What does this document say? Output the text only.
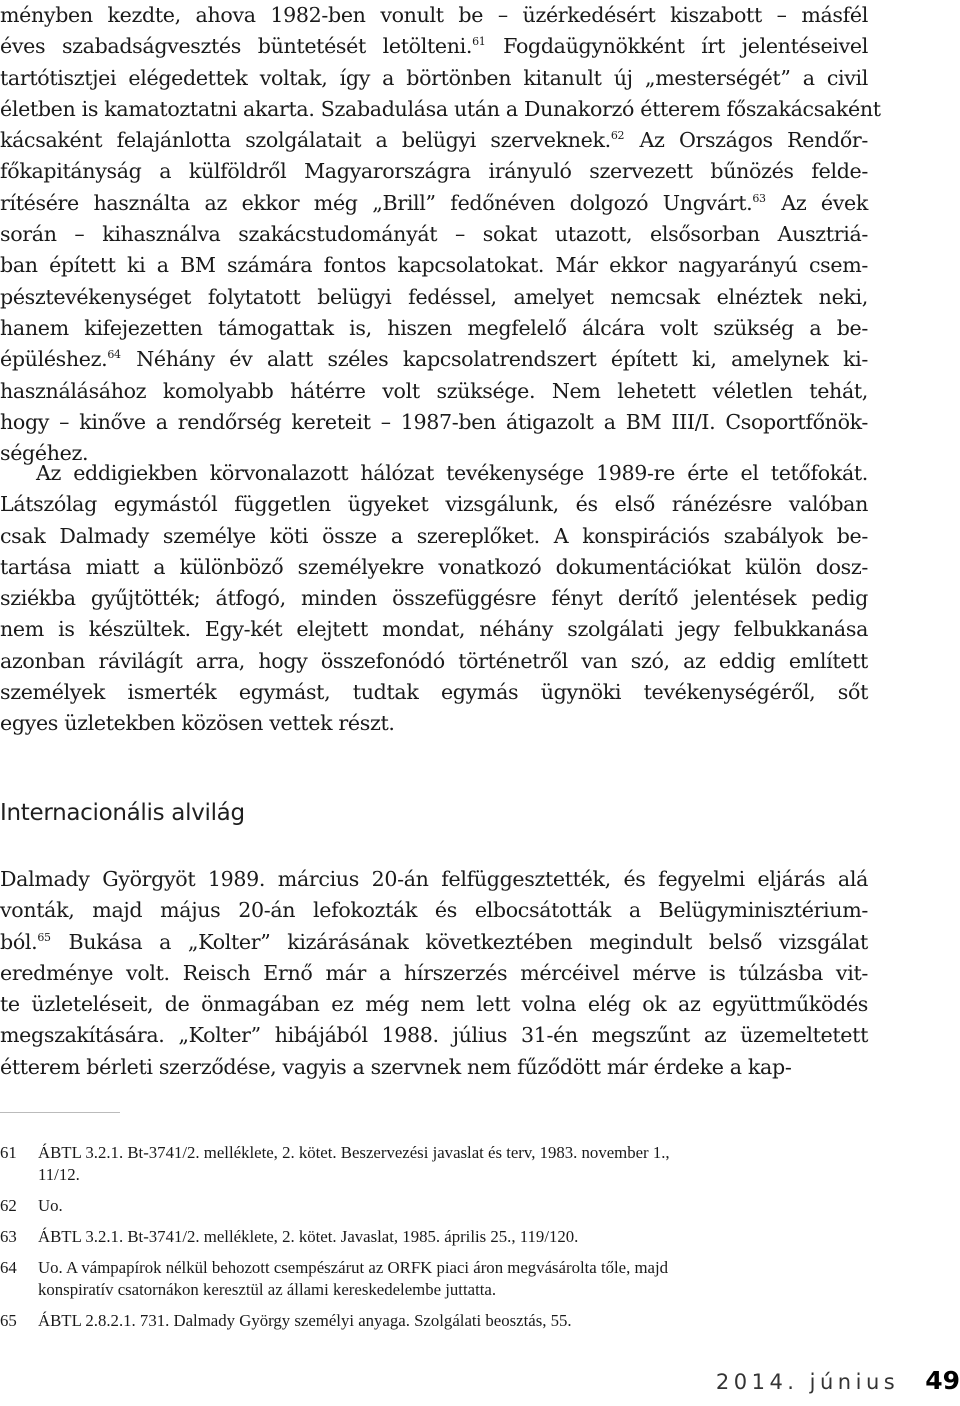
ményben kezdte, ahova 1982-ben vonult be – üzérkedésért kiszabott – másfél
éves szabadságvesztés büntetését letölteni.$^{61}$ Fogdaügynökként írt jelentéseivel
tartótisztjei elégedettek voltak, így a börtönben kitanult új „mesterségét” a civil
életben is kamatoztatni akarta. Szabadulása után a Dunakorzó étterem főszakácsaként
kácsaként felajánlotta szolgálatait a belügyi szerveknek.$^{62}$ Az Országos Rendőr-
főkapitányság a külföldről Magyarországra irányuló szervezett bűnözés felde-
rítésére használta az ekkor még „Brill” fedőnéven dolgozó Ungvárt.$^{63}$ Az évek
során – kihasználva szakácstudományát – sokat utazott, elsősorban Ausztriá-
ban épített ki a BM számára fontos kapcsolatokat. Már ekkor nagyarányú csem-
pésztevékenységet folytatott belügyi fedéssel, amelyet nemcsak elnéztek neki,
hanem kifejezetten támogattak is, hiszen megfelelő álcára volt szükség a be-
épüléshez.$^{64}$ Néhány év alatt széles kapcsolatrendszert épített ki, amelynek ki-
használásához komolyabb hátérre volt szüksége. Nem lehetett véletlen tehát,
hogy – kinőve a rendőrség kereteit – 1987-ben átigazolt a BM III/I. Csoportfőnök-
ségéhez.
Az eddigiekben körvonalazott hálózat tevékenysége 1989-re érte el tetőfokát.
Látszólag egymástól független ügyeket vizsgálunk, és első ránézésre valóban
csak Dalmady személye köti össze a szereplőket. A konspirációs szabályok be-
tartása miatt a különböző személyekre vonatkozó dokumentációkat külön dosz-
sziékba gyűjtötték; átfogó, minden összefüggésre fényt derítő jelentések pedig
nem is készültek. Egy-két elejtett mondat, néhány szolgálati jegy felbukkanása
azonban rávilágít arra, hogy összefonódó történetről van szó, az eddig említett
személyek ismerték egymást, tudtak egymás ügynöki tevékenységéről, sőt
egyes üzletekben közösen vettek részt.
Internacionális alvilág
Dalmady Györgyöt 1989. március 20-án felfüggesztették, és fegyelmi eljárás alá
vonták, majd május 20-án lefokozták és elbocsátották a Belügyminisztérium-
ból.$^{65}$ Bukása a „Kolter” kizárásának következtében megindult belső vizsgálat
eredménye volt. Reisch Ernő már a hírszerzés mércéivel mérve is túlzásba vit-
te üzleteléseit, de önmagában ez még nem lett volna elég ok az együttműködés
megszakítására. „Kolter” hibájából 1988. július 31-én megszűnt az üzemeltetett
étterem bérleti szerződése, vagyis a szervnek nem fűződött már érdeke a kap-
61 ÁBTL 3.2.1. Bt-3741/2. melléklete, 2. kötet. Beszervezési javaslat és terv, 1983. november 1.,
11/12.
62 Uo.
63 ÁBTL 3.2.1. Bt-3741/2. melléklete, 2. kötet. Javaslat, 1985. április 25., 119/120.
64 Uo. A vámpapírok nélkül behozott csempészárut az ORFK piaci áron megvásárolta tőle, majd
konspiratív csatornákon keresztül az állami kereskedelembe juttatta.
65 ÁBTL 2.8.2.1. 731. Dalmady György személyi anyaga. Szolgálati beosztás, 55.
2014. június 49
